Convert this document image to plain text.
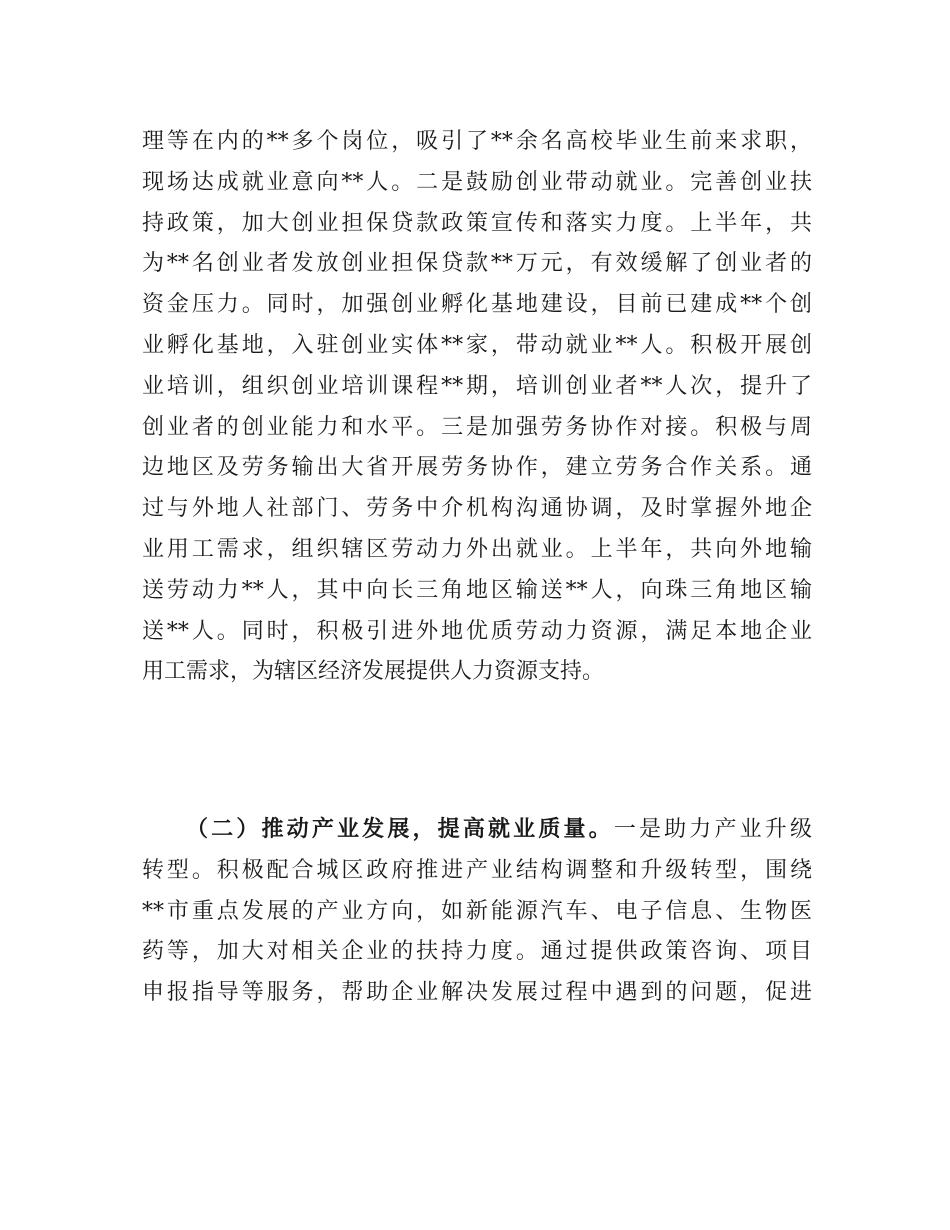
理等在内的**多个岗位，吸引了**余名高校毕业生前来求职，
现场达成就业意向**人。二是鼓励创业带动就业。完善创业扶
持政策，加大创业担保贷款政策宣传和落实力度。上半年，共
为**名创业者发放创业担保贷款**万元，有效缓解了创业者的
资金压力。同时，加强创业孵化基地建设，目前已建成**个创
业孵化基地，入驻创业实体**家，带动就业**人。积极开展创
业培训，组织创业培训课程**期，培训创业者**人次，提升了
创业者的创业能力和水平。三是加强劳务协作对接。积极与周
边地区及劳务输出大省开展劳务协作，建立劳务合作关系。通
过与外地人社部门、劳务中介机构沟通协调，及时掌握外地企
业用工需求，组织辖区劳动力外出就业。上半年，共向外地输
送劳动力**人，其中向长三角地区输送**人，向珠三角地区输
送**人。同时，积极引进外地优质劳动力资源，满足本地企业
用工需求，为辖区经济发展提供人力资源支持。
（二）推动产业发展，提高就业质量。一是助力产业升级
转型。积极配合城区政府推进产业结构调整和升级转型，围绕
**市重点发展的产业方向，如新能源汽车、电子信息、生物医
药等，加大对相关企业的扶持力度。通过提供政策咨询、项目
申报指导等服务，帮助企业解决发展过程中遇到的问题，促进
